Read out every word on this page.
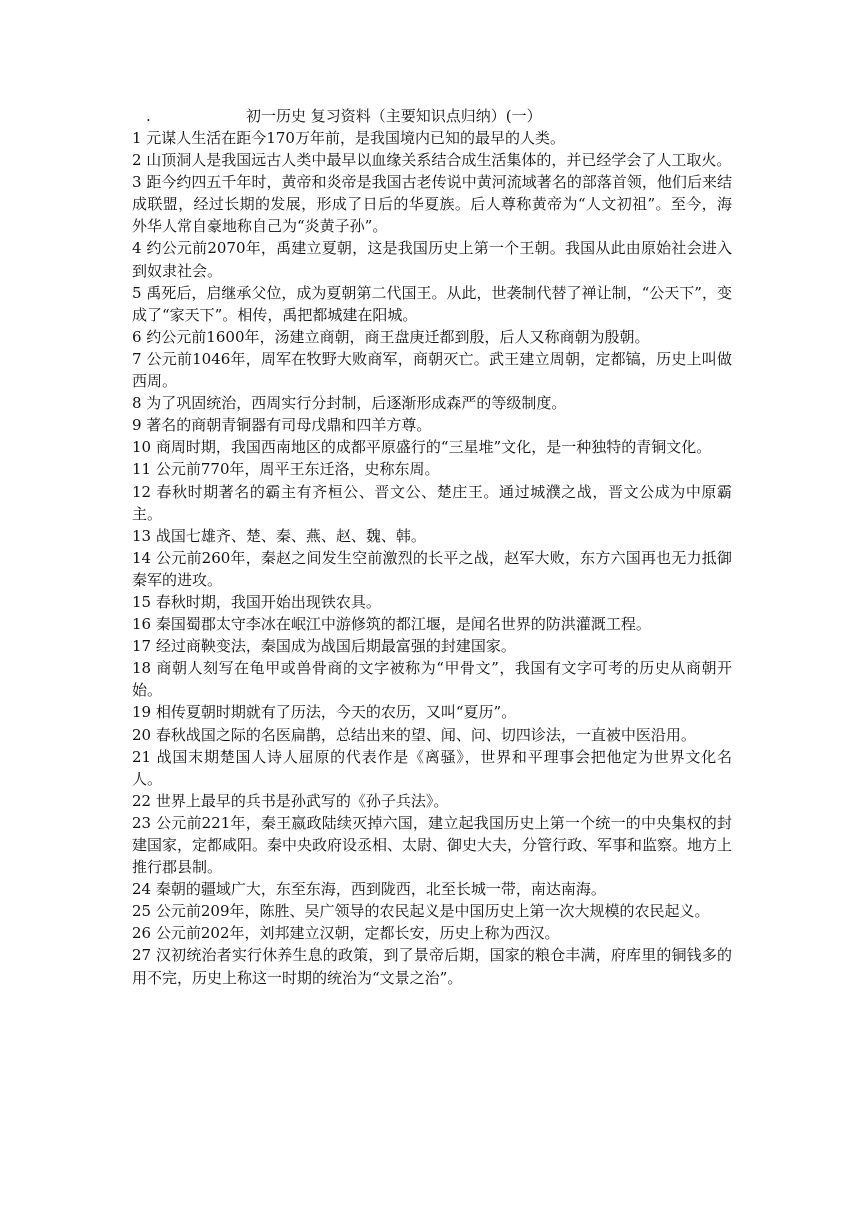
.	初一历史 复习资料（主要知识点归纳）(一）

1 元谋人生活在距今170万年前，是我国境内已知的最早的人类。

2 山顶洞人是我国远古人类中最早以血缘关系结合成生活集体的，并已经学会了人工取火。

3 距今约四五千年时，黄帝和炎帝是我国古老传说中黄河流域著名的部落首领，他们后来结成联盟，经过长期的发展，形成了日后的华夏族。后人尊称黄帝为“人文初祖”。至今，海外华人常自豪地称自己为“炎黄子孙”。

4 约公元前2070年，禹建立夏朝，这是我国历史上第一个王朝。我国从此由原始社会进入到奴隶社会。

5 禹死后，启继承父位，成为夏朝第二代国王。从此，世袭制代替了禅让制，“公天下”，变成了“家天下”。相传，禹把都城建在阳城。

6 约公元前1600年，汤建立商朝，商王盘庚迁都到殷，后人又称商朝为殷朝。

7 公元前1046年，周军在牧野大败商军，商朝灭亡。武王建立周朝，定都镐，历史上叫做西周。

8 为了巩固统治，西周实行分封制，后逐渐形成森严的等级制度。

9 著名的商朝青铜器有司母戊鼎和四羊方尊。

10 商周时期，我国西南地区的成都平原盛行的“三星堆”文化，是一种独特的青铜文化。

11 公元前770年，周平王东迁洛，史称东周。

12 春秋时期著名的霸主有齐桓公、晋文公、楚庄王。通过城濮之战，晋文公成为中原霸主。

13 战国七雄齐、楚、秦、燕、赵、魏、韩。

14 公元前260年，秦赵之间发生空前激烈的长平之战，赵军大败，东方六国再也无力抵御秦军的进攻。

15 春秋时期，我国开始出现铁农具。

16 秦国蜀郡太守李冰在岷江中游修筑的都江堰，是闻名世界的防洪灌溉工程。

17 经过商鞅变法，秦国成为战国后期最富强的封建国家。

18 商朝人刻写在龟甲或兽骨商的文字被称为“甲骨文”，我国有文字可考的历史从商朝开始。

19 相传夏朝时期就有了历法，今天的农历，又叫“夏历”。

20 春秋战国之际的名医扁鹊，总结出来的望、闻、问、切四诊法，一直被中医沿用。

21 战国末期楚国人诗人屈原的代表作是《离骚》，世界和平理事会把他定为世界文化名人。

22 世界上最早的兵书是孙武写的《孙子兵法》。

23 公元前221年，秦王嬴政陆续灭掉六国，建立起我国历史上第一个统一的中央集权的封建国家，定都咸阳。秦中央政府设丞相、太尉、御史大夫，分管行政、军事和监察。地方上推行郡县制。

24 秦朝的疆域广大，东至东海，西到陇西，北至长城一带，南达南海。

25 公元前209年，陈胜、吴广领导的农民起义是中国历史上第一次大规模的农民起义。

26 公元前202年，刘邦建立汉朝，定都长安，历史上称为西汉。

27 汉初统治者实行休养生息的政策，到了景帝后期，国家的粮仓丰满，府库里的铜钱多的用不完，历史上称这一时期的统治为“文景之治”。
